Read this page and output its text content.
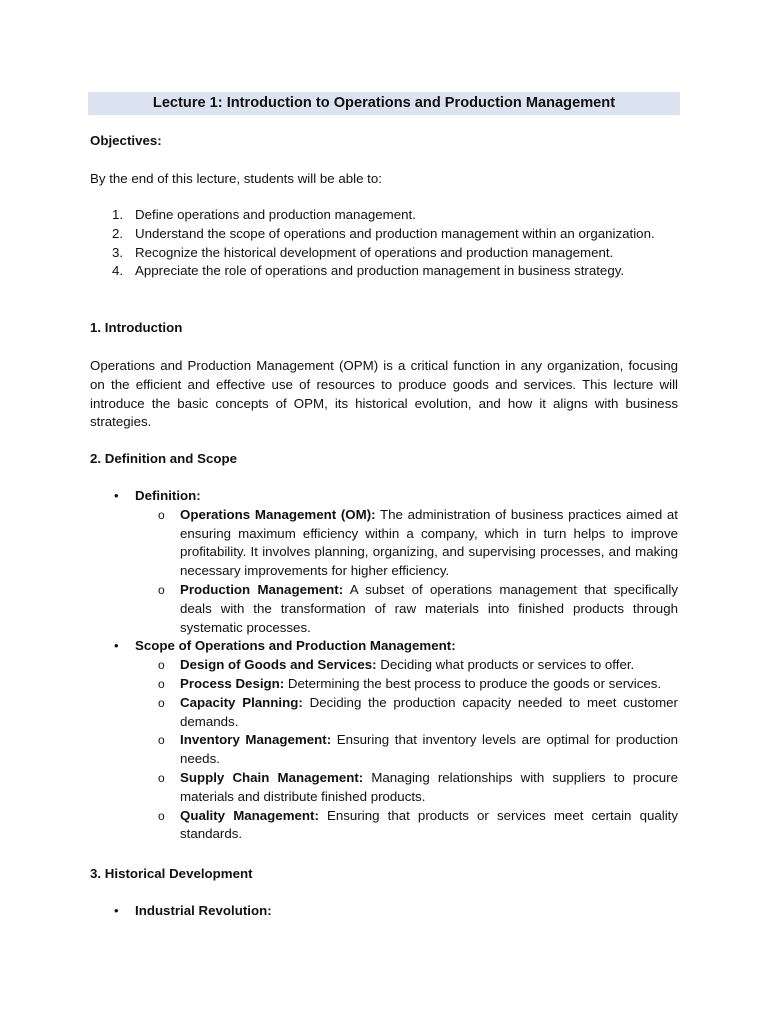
Lecture 1: Introduction to Operations and Production Management

Objectives:

By the end of this lecture, students will be able to:

1. Define operations and production management.
2. Understand the scope of operations and production management within an organization.
3. Recognize the historical development of operations and production management.
4. Appreciate the role of operations and production management in business strategy.

1. Introduction

Operations and Production Management (OPM) is a critical function in any organization, focusing on the efficient and effective use of resources to produce goods and services. This lecture will introduce the basic concepts of OPM, its historical evolution, and how it aligns with business strategies.

2. Definition and Scope

• Definition:
o Operations Management (OM): The administration of business practices aimed at ensuring maximum efficiency within a company, which in turn helps to improve profitability. It involves planning, organizing, and supervising processes, and making necessary improvements for higher efficiency.
o Production Management: A subset of operations management that specifically deals with the transformation of raw materials into finished products through systematic processes.
• Scope of Operations and Production Management:
o Design of Goods and Services: Deciding what products or services to offer.
o Process Design: Determining the best process to produce the goods or services.
o Capacity Planning: Deciding the production capacity needed to meet customer demands.
o Inventory Management: Ensuring that inventory levels are optimal for production needs.
o Supply Chain Management: Managing relationships with suppliers to procure materials and distribute finished products.
o Quality Management: Ensuring that products or services meet certain quality standards.

3. Historical Development

• Industrial Revolution:
